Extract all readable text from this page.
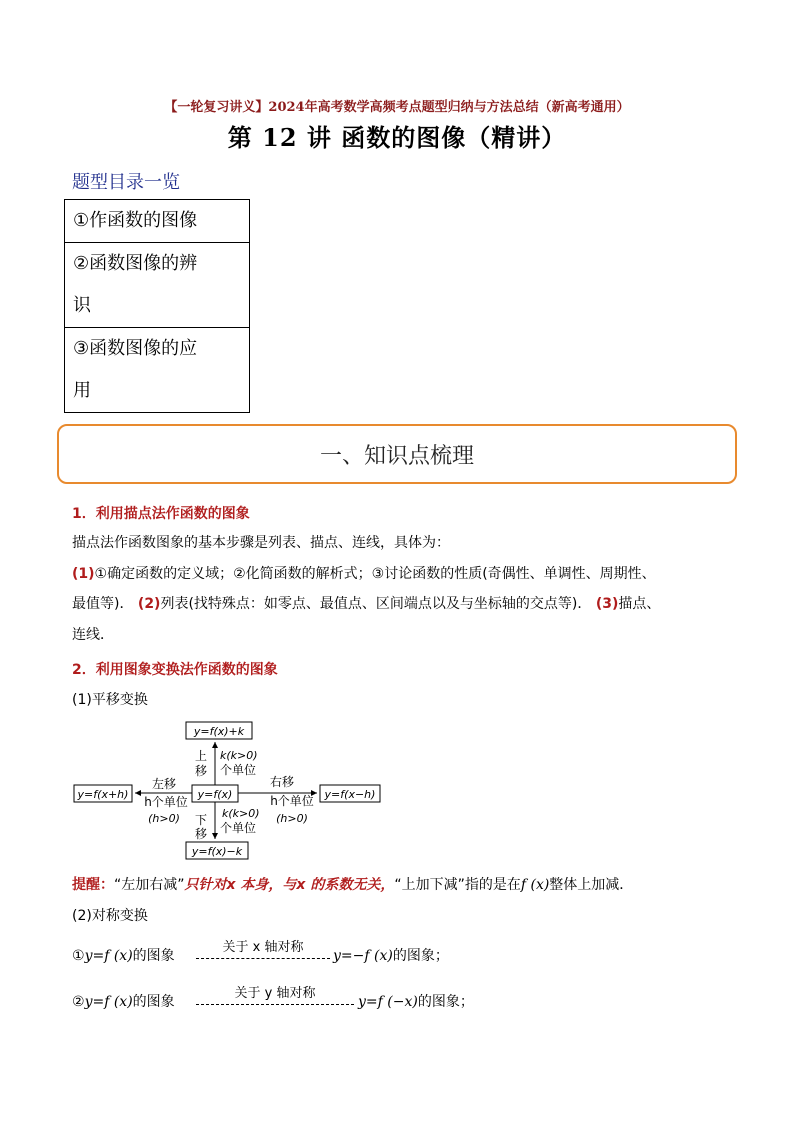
【一轮复习讲义】2024年高考数学高频考点题型归纳与方法总结（新高考通用）
第 12 讲 函数的图像（精讲）
题型目录一览
①作函数的图像

②函数图像的辨
识

③函数图像的应
用
一、知识点梳理
1．利用描点法作函数的图象
描点法作函数图象的基本步骤是列表、描点、连线，具体为：
(1)①确定函数的定义域；②化简函数的解析式；③讨论函数的性质(奇偶性、单调性、周期性、
最值等)． (2)列表(找特殊点：如零点、最值点、区间端点以及与坐标轴的交点等)． (3)描点、
连线．
2．利用图象变换法作函数的图象
(1)平移变换
y=f(x)+k
y=f(x)
y=f(x)−k
y=f(x+h)	y=f(x−h)
上
移
k(k>0)
个单位
下
移
k(k>0)
个单位
左移
h个单位
(h>0)
右移
h个单位
(h>0)
提醒：“左加右减”只针对x 本身，与x 的系数无关，“上加下减”指的是在f (x)整体上加减．
(2)对称变换
①y=f (x)的图象
关于 x 轴对称
y=−f (x)的图象；
②y=f (x)的图象
关于 y 轴对称
y=f (−x)的图象；
